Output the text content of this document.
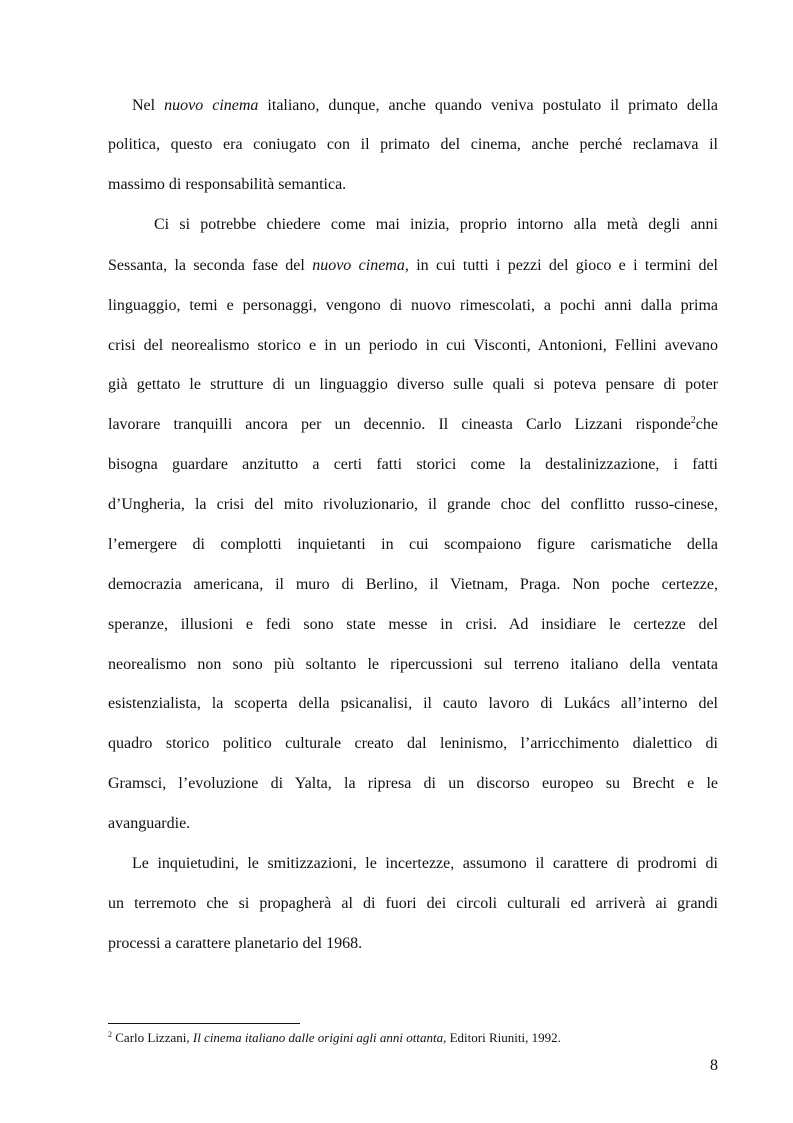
Nel nuovo cinema italiano, dunque, anche quando veniva postulato il primato della
politica, questo era coniugato con il primato del cinema, anche perché reclamava il
massimo di responsabilità semantica.
Ci si potrebbe chiedere come mai inizia, proprio intorno alla metà degli anni
Sessanta, la seconda fase del nuovo cinema, in cui tutti i pezzi del gioco e i termini del
linguaggio, temi e personaggi, vengono di nuovo rimescolati, a pochi anni dalla prima
crisi del neorealismo storico e in un periodo in cui Visconti, Antonioni, Fellini avevano
già gettato le strutture di un linguaggio diverso sulle quali si poteva pensare di poter
lavorare tranquilli ancora per un decennio. Il cineasta Carlo Lizzani risponde$^2$che
bisogna guardare anzitutto a certi fatti storici come la destalinizzazione, i fatti
d’Ungheria, la crisi del mito rivoluzionario, il grande choc del conflitto russo-cinese,
l’emergere di complotti inquietanti in cui scompaiono figure carismatiche della
democrazia americana, il muro di Berlino, il Vietnam, Praga. Non poche certezze,
speranze, illusioni e fedi sono state messe in crisi. Ad insidiare le certezze del
neorealismo non sono più soltanto le ripercussioni sul terreno italiano della ventata
esistenzialista, la scoperta della psicanalisi, il cauto lavoro di Lukács all’interno del
quadro storico politico culturale creato dal leninismo, l’arricchimento dialettico di
Gramsci, l’evoluzione di Yalta, la ripresa di un discorso europeo su Brecht e le
avanguardie.
Le inquietudini, le smitizzazioni, le incertezze, assumono il carattere di prodromi di
un terremoto che si propagherà al di fuori dei circoli culturali ed arriverà ai grandi
processi a carattere planetario del 1968.
$^2$ Carlo Lizzani, Il cinema italiano dalle origini agli anni ottanta, Editori Riuniti, 1992.
8
